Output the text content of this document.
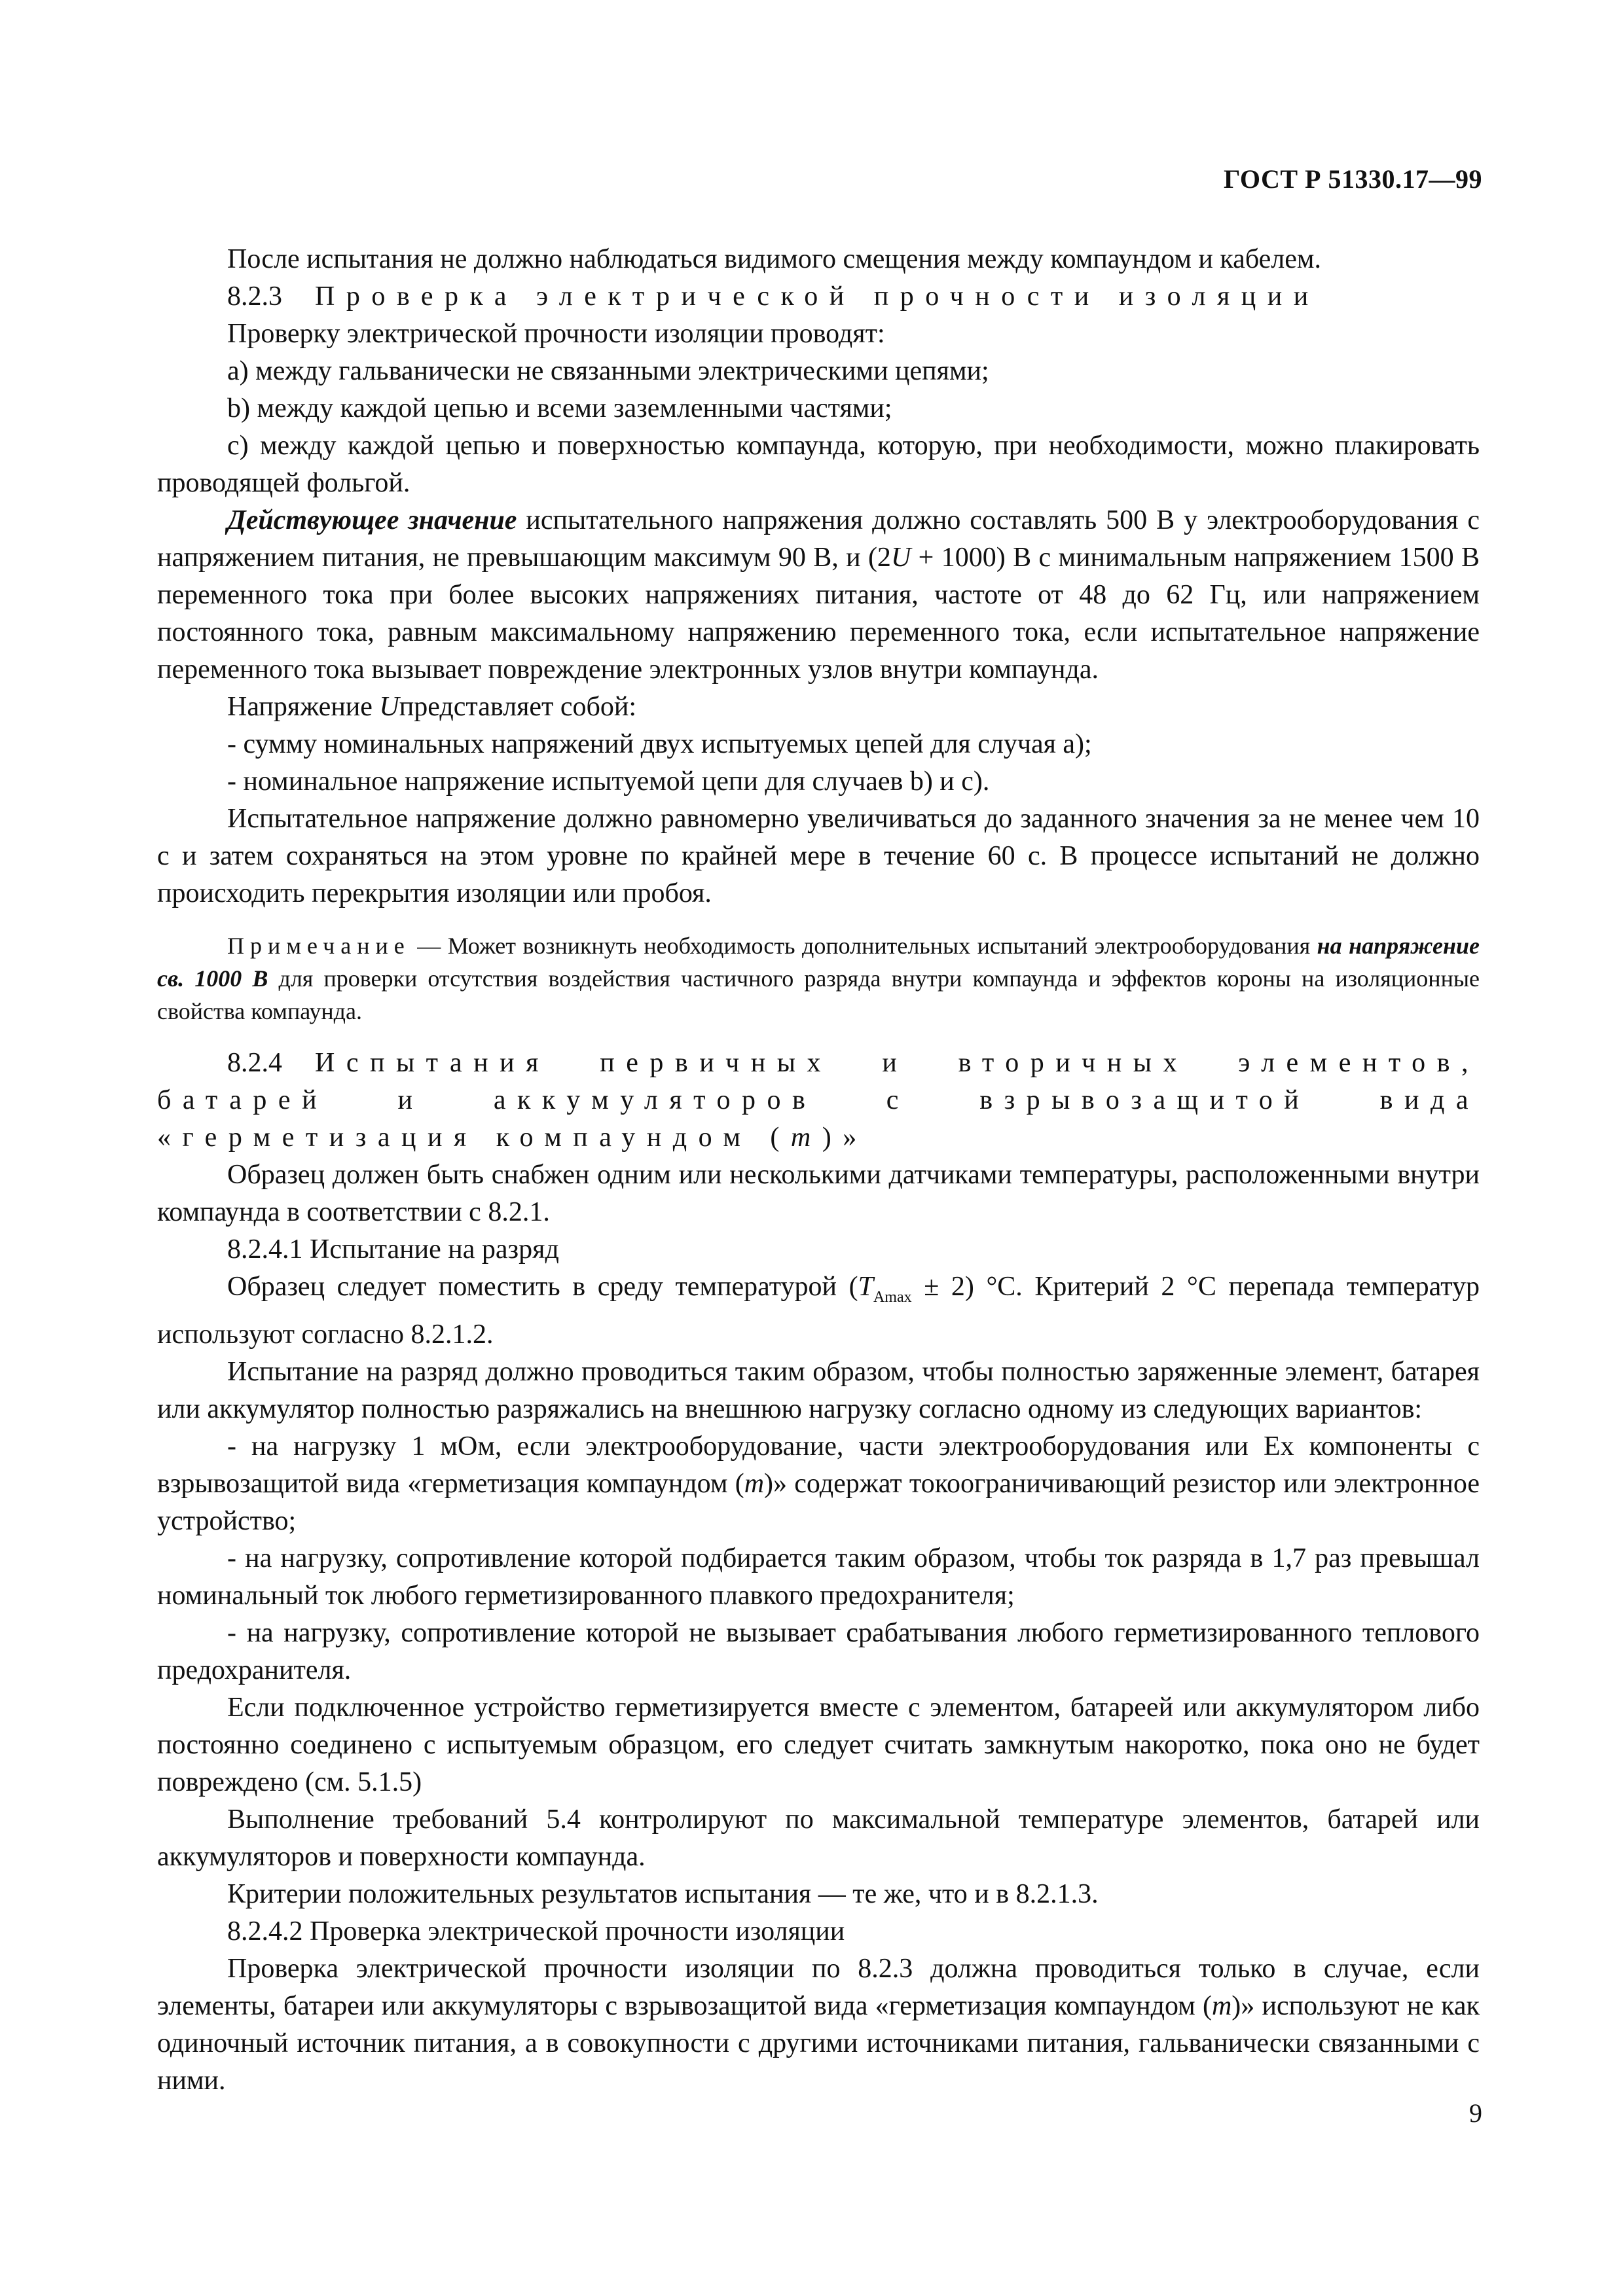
ГОСТ Р 51330.17—99

После испытания не должно наблюдаться видимого смещения между компаундом и кабелем.

8.2.3 Проверка электрической прочности изоляции

Проверку электрической прочности изоляции проводят:

а) между гальванически не связанными электрическими цепями;

b) между каждой цепью и всеми заземленными частями;

с) между каждой цепью и поверхностью компаунда, которую, при необходимости, можно плакировать проводящей фольгой.

Действующее значение испытательного напряжения должно составлять 500 В у электрооборудования с напряжением питания, не превышающим максимум 90 В, и (2U + 1000) В с минимальным напряжением 1500 В переменного тока при более высоких напряжениях питания, частоте от 48 до 62 Гц, или напряжением постоянного тока, равным максимальному напряжению переменного тока, если испытательное напряжение переменного тока вызывает повреждение электронных узлов внутри компаунда.

Напряжение Uпредставляет собой:

- сумму номинальных напряжений двух испытуемых цепей для случая а);

- номинальное напряжение испытуемой цепи для случаев b) и с).

Испытательное напряжение должно равномерно увеличиваться до заданного значения за не менее чем 10 с и затем сохраняться на этом уровне по крайней мере в течение 60 с. В процессе испытаний не должно происходить перекрытия изоляции или пробоя.

Примечание — Может возникнуть необходимость дополнительных испытаний электрооборудования на напряжение св. 1000 В для проверки отсутствия воздействия частичного разряда внутри компаунда и эффектов короны на изоляционные свойства компаунда.

8.2.4 Испытания первичных и вторичных элементов, батарей и аккумуляторов с взрывозащитой вида «герметизация компаундом (m)»

Образец должен быть снабжен одним или несколькими датчиками температуры, расположенными внутри компаунда в соответствии с 8.2.1.

8.2.4.1 Испытание на разряд

Образец следует поместить в среду температурой $(T_{Amax} \pm 2)$ °С. Критерий 2 °С перепада температур используют согласно 8.2.1.2.

Испытание на разряд должно проводиться таким образом, чтобы полностью заряженные элемент, батарея или аккумулятор полностью разряжались на внешнюю нагрузку согласно одному из следующих вариантов:

- на нагрузку 1 мОм, если электрооборудование, части электрооборудования или Ех компоненты с взрывозащитой вида «герметизация компаундом (m)» содержат токоограничивающий резистор или электронное устройство;

- на нагрузку, сопротивление которой подбирается таким образом, чтобы ток разряда в 1,7 раз превышал номинальный ток любого герметизированного плавкого предохранителя;

- на нагрузку, сопротивление которой не вызывает срабатывания любого герметизированного теплового предохранителя.

Если подключенное устройство герметизируется вместе с элементом, батареей или аккумулятором либо постоянно соединено с испытуемым образцом, его следует считать замкнутым накоротко, пока оно не будет повреждено (см. 5.1.5)

Выполнение требований 5.4 контролируют по максимальной температуре элементов, батарей или аккумуляторов и поверхности компаунда.

Критерии положительных результатов испытания — те же, что и в 8.2.1.3.

8.2.4.2 Проверка электрической прочности изоляции

Проверка электрической прочности изоляции по 8.2.3 должна проводиться только в случае, если элементы, батареи или аккумуляторы с взрывозащитой вида «герметизация компаундом (m)» используют не как одиночный источник питания, а в совокупности с другими источниками питания, гальванически связанными с ними.

9
